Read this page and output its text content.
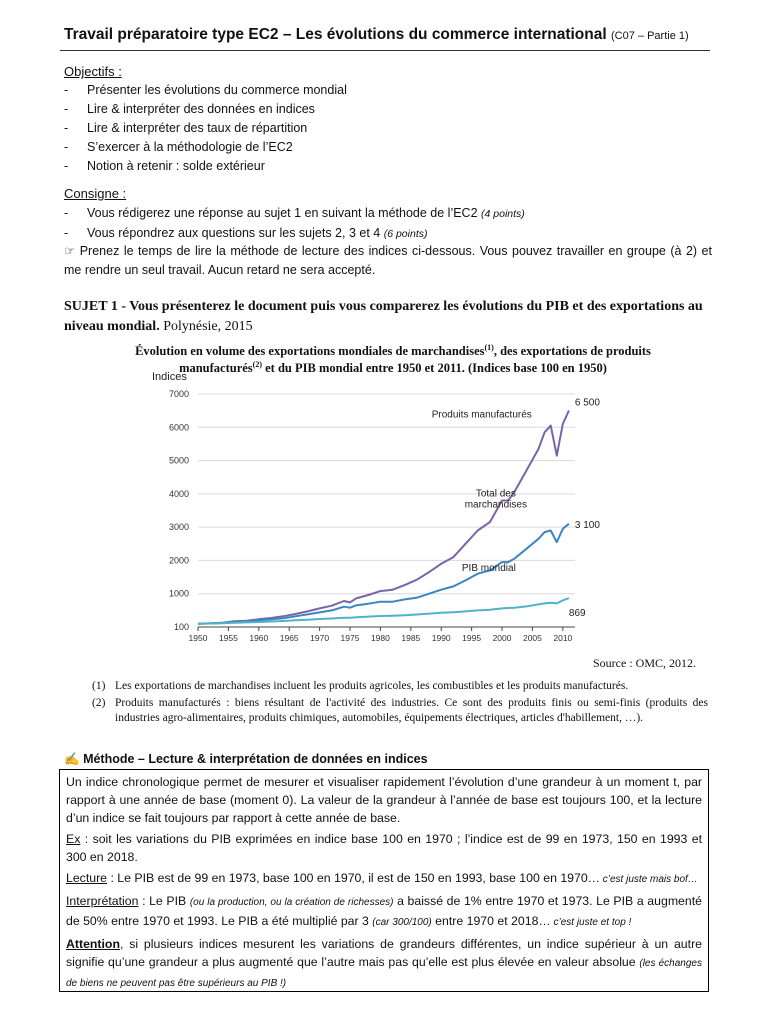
Travail préparatoire type EC2 – Les évolutions du commerce international (C07 – Partie 1)
Objectifs :
- Présenter les évolutions du commerce mondial
- Lire & interpréter des données en indices
- Lire & interpréter des taux de répartition
- S’exercer à la méthodologie de l’EC2
- Notion à retenir : solde extérieur
Consigne :
- Vous rédigerez une réponse au sujet 1 en suivant la méthode de l’EC2 (4 points)
- Vous répondrez aux questions sur les sujets 2, 3 et 4 (6 points)
☞ Prenez le temps de lire la méthode de lecture des indices ci-dessous. Vous pouvez travailler en groupe (à 2) et me rendre un seul travail. Aucun retard ne sera accepté.
SUJET 1 - Vous présenterez le document puis vous comparerez les évolutions du PIB et des exportations au niveau mondial. Polynésie, 2015
Évolution en volume des exportations mondiales de marchandises$^{(1)}$, des exportations de produits manufacturés$^{(2)}$ et du PIB mondial entre 1950 et 2011. (Indices base 100 en 1950)
Indices
100
1000
2000
3000
4000
5000
6000
7000
1950 1955 1960 1965 1970 1975 1980 1985 1990 1995 2000 2005 2010
Produits manufacturés
6 500
Total des
marchandises
3 100
PIB mondial
869
Source : OMC, 2012.
(1) Les exportations de marchandises incluent les produits agricoles, les combustibles et les produits manufacturés.
(2) Produits manufacturés : biens résultant de l'activité des industries. Ce sont des produits finis ou semi-finis (produits des industries agro-alimentaires, produits chimiques, automobiles, équipements électriques, articles d'habillement, …).
✍ Méthode – Lecture & interprétation de données en indices

Un indice chronologique permet de mesurer et visualiser rapidement l’évolution d’une grandeur à un moment t, par rapport à une année de base (moment 0). La valeur de la grandeur à l’année de base est toujours 100, et la lecture d’un indice se fait toujours par rapport à cette année de base.

Ex : soit les variations du PIB exprimées en indice base 100 en 1970 ; l’indice est de 99 en 1973, 150 en 1993 et 300 en 2018.

Lecture : Le PIB est de 99 en 1973, base 100 en 1970, il est de 150 en 1993, base 100 en 1970… c’est juste mais bof…

Interprétation : Le PIB (ou la production, ou la création de richesses) a baissé de 1% entre 1970 et 1973. Le PIB a augmenté de 50% entre 1970 et 1993. Le PIB a été multiplié par 3 (car 300/100) entre 1970 et 2018… c’est juste et top !

Attention, si plusieurs indices mesurent les variations de grandeurs différentes, un indice supérieur à un autre signifie qu’une grandeur a plus augmenté que l’autre mais pas qu’elle est plus élevée en valeur absolue (les échanges de biens ne peuvent pas être supérieurs au PIB !)
